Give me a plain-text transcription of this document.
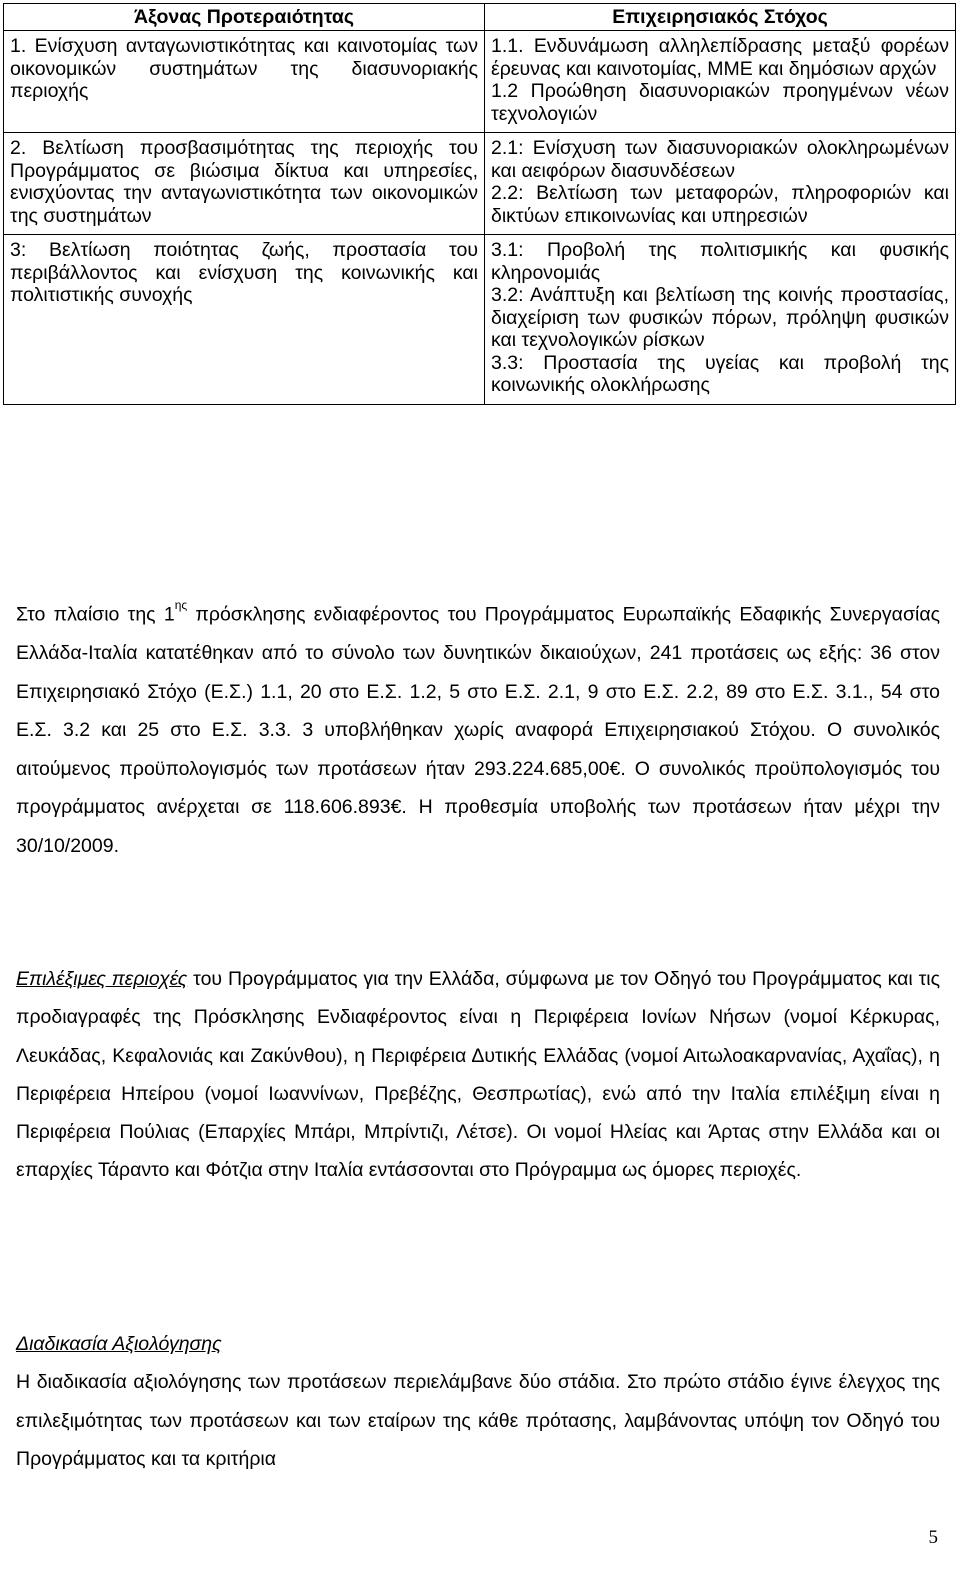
Άξονας Προτεραιότητας	Επιχειρησιακός Στόχος

1. Ενίσχυση ανταγωνιστικότητας και καινοτομίας των οικονομικών συστημάτων της διασυνοριακής περιοχής	1.1. Ενδυνάμωση αλληλεπίδρασης μεταξύ φορέων έρευνας και καινοτομίας, ΜΜΕ και δημόσιων αρχών
1.2 Προώθηση διασυνοριακών προηγμένων νέων τεχνολογιών

2. Βελτίωση προσβασιμότητας της περιοχής του Προγράμματος σε βιώσιμα δίκτυα και υπηρεσίες, ενισχύοντας την ανταγωνιστικότητα των οικονομικών της συστημάτων	2.1: Ενίσχυση των διασυνοριακών ολοκληρωμένων και αειφόρων διασυνδέσεων
2.2: Βελτίωση των μεταφορών, πληροφοριών και δικτύων επικοινωνίας και υπηρεσιών

3: Βελτίωση ποιότητας ζωής, προστασία του περιβάλλοντος και ενίσχυση της κοινωνικής και πολιτιστικής συνοχής	3.1: Προβολή της πολιτισμικής και φυσικής κληρονομιάς
3.2: Ανάπτυξη και βελτίωση της κοινής προστασίας, διαχείριση των φυσικών πόρων, πρόληψη φυσικών και τεχνολογικών ρίσκων
3.3: Προστασία της υγείας και προβολή της κοινωνικής ολοκλήρωσης

Στο πλαίσιο της $1^{\eta\varsigma}$ πρόσκλησης ενδιαφέροντος του Προγράμματος Ευρωπαϊκής Εδαφικής Συνεργασίας Ελλάδα-Ιταλία κατατέθηκαν από το σύνολο των δυνητικών δικαιούχων, 241 προτάσεις ως εξής: 36 στον Επιχειρησιακό Στόχο (Ε.Σ.) 1.1, 20 στο Ε.Σ. 1.2, 5 στο Ε.Σ. 2.1, 9 στο Ε.Σ. 2.2, 89 στο Ε.Σ. 3.1., 54 στο Ε.Σ. 3.2 και 25 στο Ε.Σ. 3.3. 3 υποβλήθηκαν χωρίς αναφορά Επιχειρησιακού Στόχου. Ο συνολικός αιτούμενος προϋπολογισμός των προτάσεων ήταν 293.224.685,00€. Ο συνολικός προϋπολογισμός του προγράμματος ανέρχεται σε 118.606.893€. Η προθεσμία υποβολής των προτάσεων ήταν μέχρι την 30/10/2009.

Επιλέξιμες περιοχές του Προγράμματος για την Ελλάδα, σύμφωνα με τον Οδηγό του Προγράμματος και τις προδιαγραφές της Πρόσκλησης Ενδιαφέροντος είναι η Περιφέρεια Ιονίων Νήσων (νομοί Κέρκυρας, Λευκάδας, Κεφαλονιάς και Ζακύνθου), η Περιφέρεια Δυτικής Ελλάδας (νομοί Αιτωλοακαρνανίας, Αχαΐας), η Περιφέρεια Ηπείρου (νομοί Ιωαννίνων, Πρεβέζης, Θεσπρωτίας), ενώ από την Ιταλία επιλέξιμη είναι η Περιφέρεια Πούλιας (Επαρχίες Μπάρι, Μπρίντιζι, Λέτσε). Οι νομοί Ηλείας και Άρτας στην Ελλάδα και οι επαρχίες Τάραντο και Φότζια στην Ιταλία εντάσσονται στο Πρόγραμμα ως όμορες περιοχές.

Διαδικασία Αξιολόγησης
Η διαδικασία αξιολόγησης των προτάσεων περιελάμβανε δύο στάδια. Στο πρώτο στάδιο έγινε έλεγχος της επιλεξιμότητας των προτάσεων και των εταίρων της κάθε πρότασης, λαμβάνοντας υπόψη τον Οδηγό του Προγράμματος και τα κριτήρια
5
